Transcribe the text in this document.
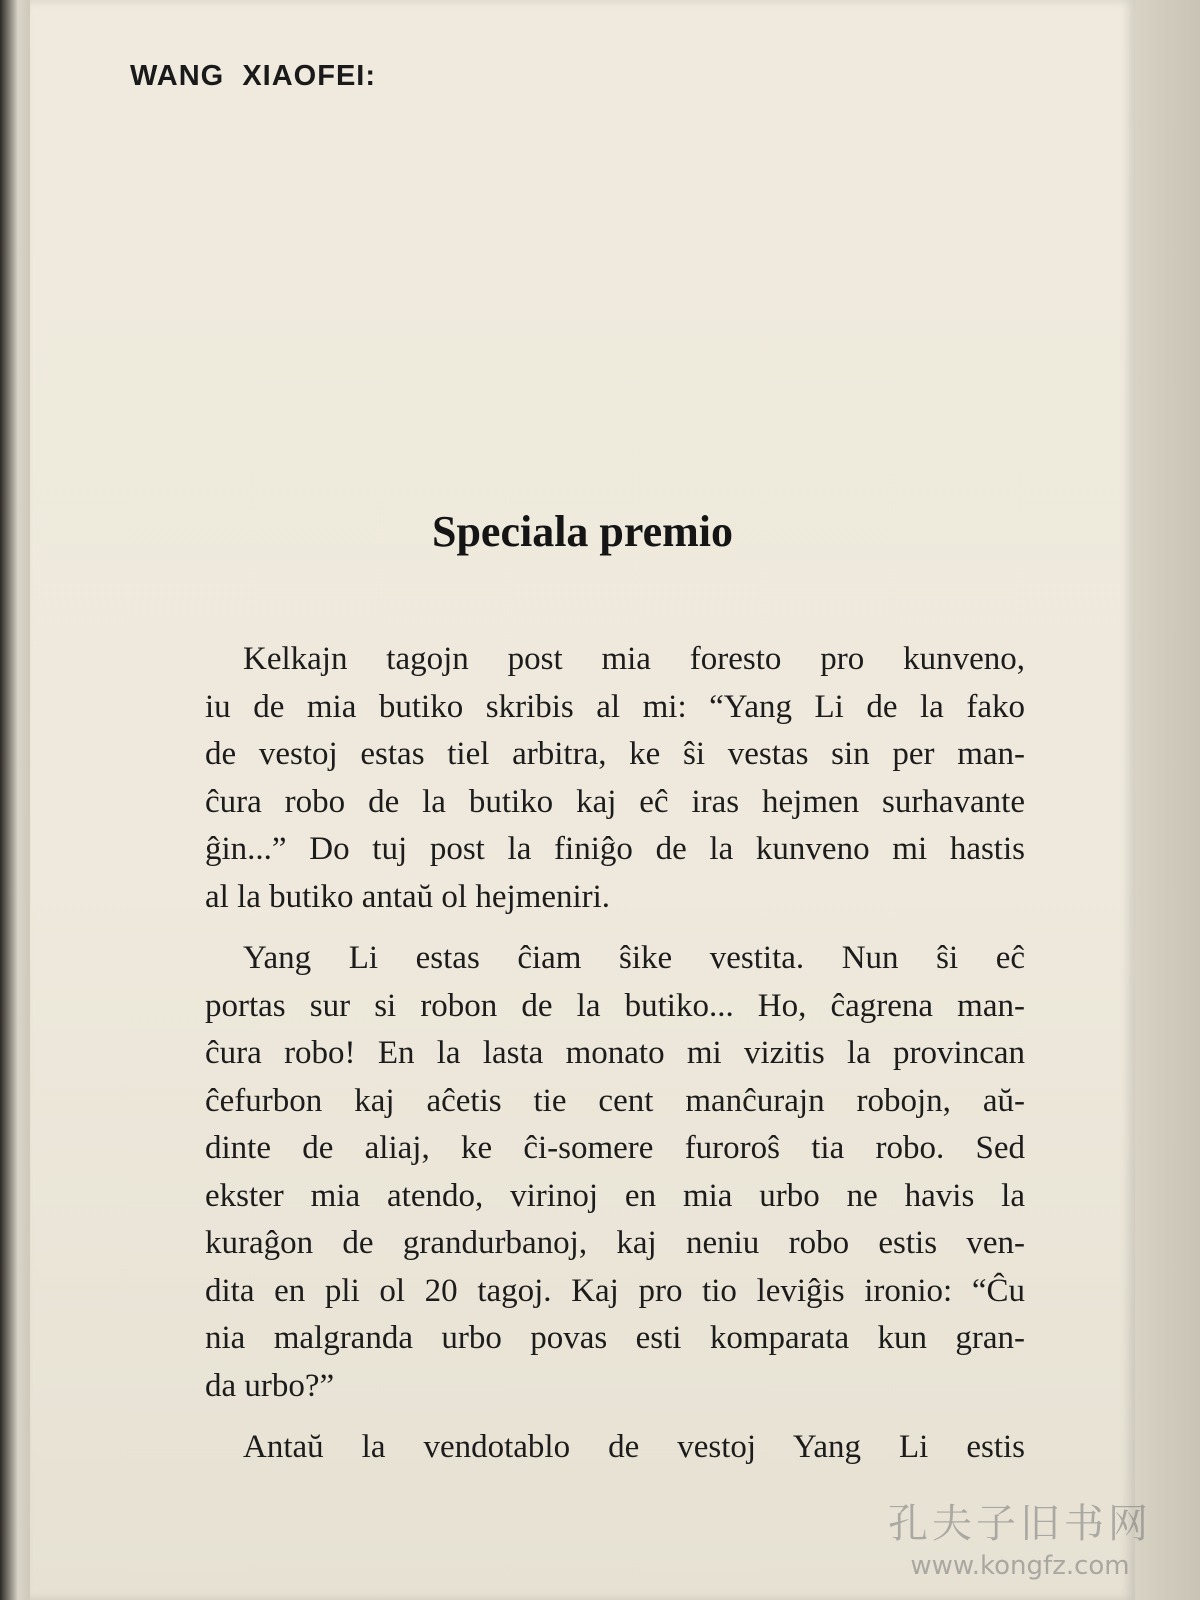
WANG  XIAOFEI:
Speciala premio

Kelkajn tagojn post mia foresto pro kunveno,
iu de mia butiko skribis al mi: “Yang Li de la fako
de vestoj estas tiel arbitra, ke ŝi vestas sin per man-
ĉura robo de la butiko kaj eĉ iras hejmen surhavante
ĝin...” Do tuj post la finiĝo de la kunveno mi hastis
al la butiko antaŭ ol hejmeniri.

Yang Li estas ĉiam ŝike vestita. Nun ŝi eĉ
portas sur si robon de la butiko... Ho, ĉagrena man-
ĉura robo! En la lasta monato mi vizitis la provincan
ĉefurbon kaj aĉetis tie cent manĉurajn robojn, aŭ-
dinte de aliaj, ke ĉi-somere furoroŝ tia robo. Sed
ekster mia atendo, virinoj en mia urbo ne havis la
kuraĝon de grandurbanoj, kaj neniu robo estis ven-
dita en pli ol 20 tagoj. Kaj pro tio leviĝis ironio: “Ĉu
nia malgranda urbo povas esti komparata kun gran-
da urbo?”

Antaŭ la vendotablo de vestoj Yang Li estis

孔夫子旧书网
www.kongfz.com
